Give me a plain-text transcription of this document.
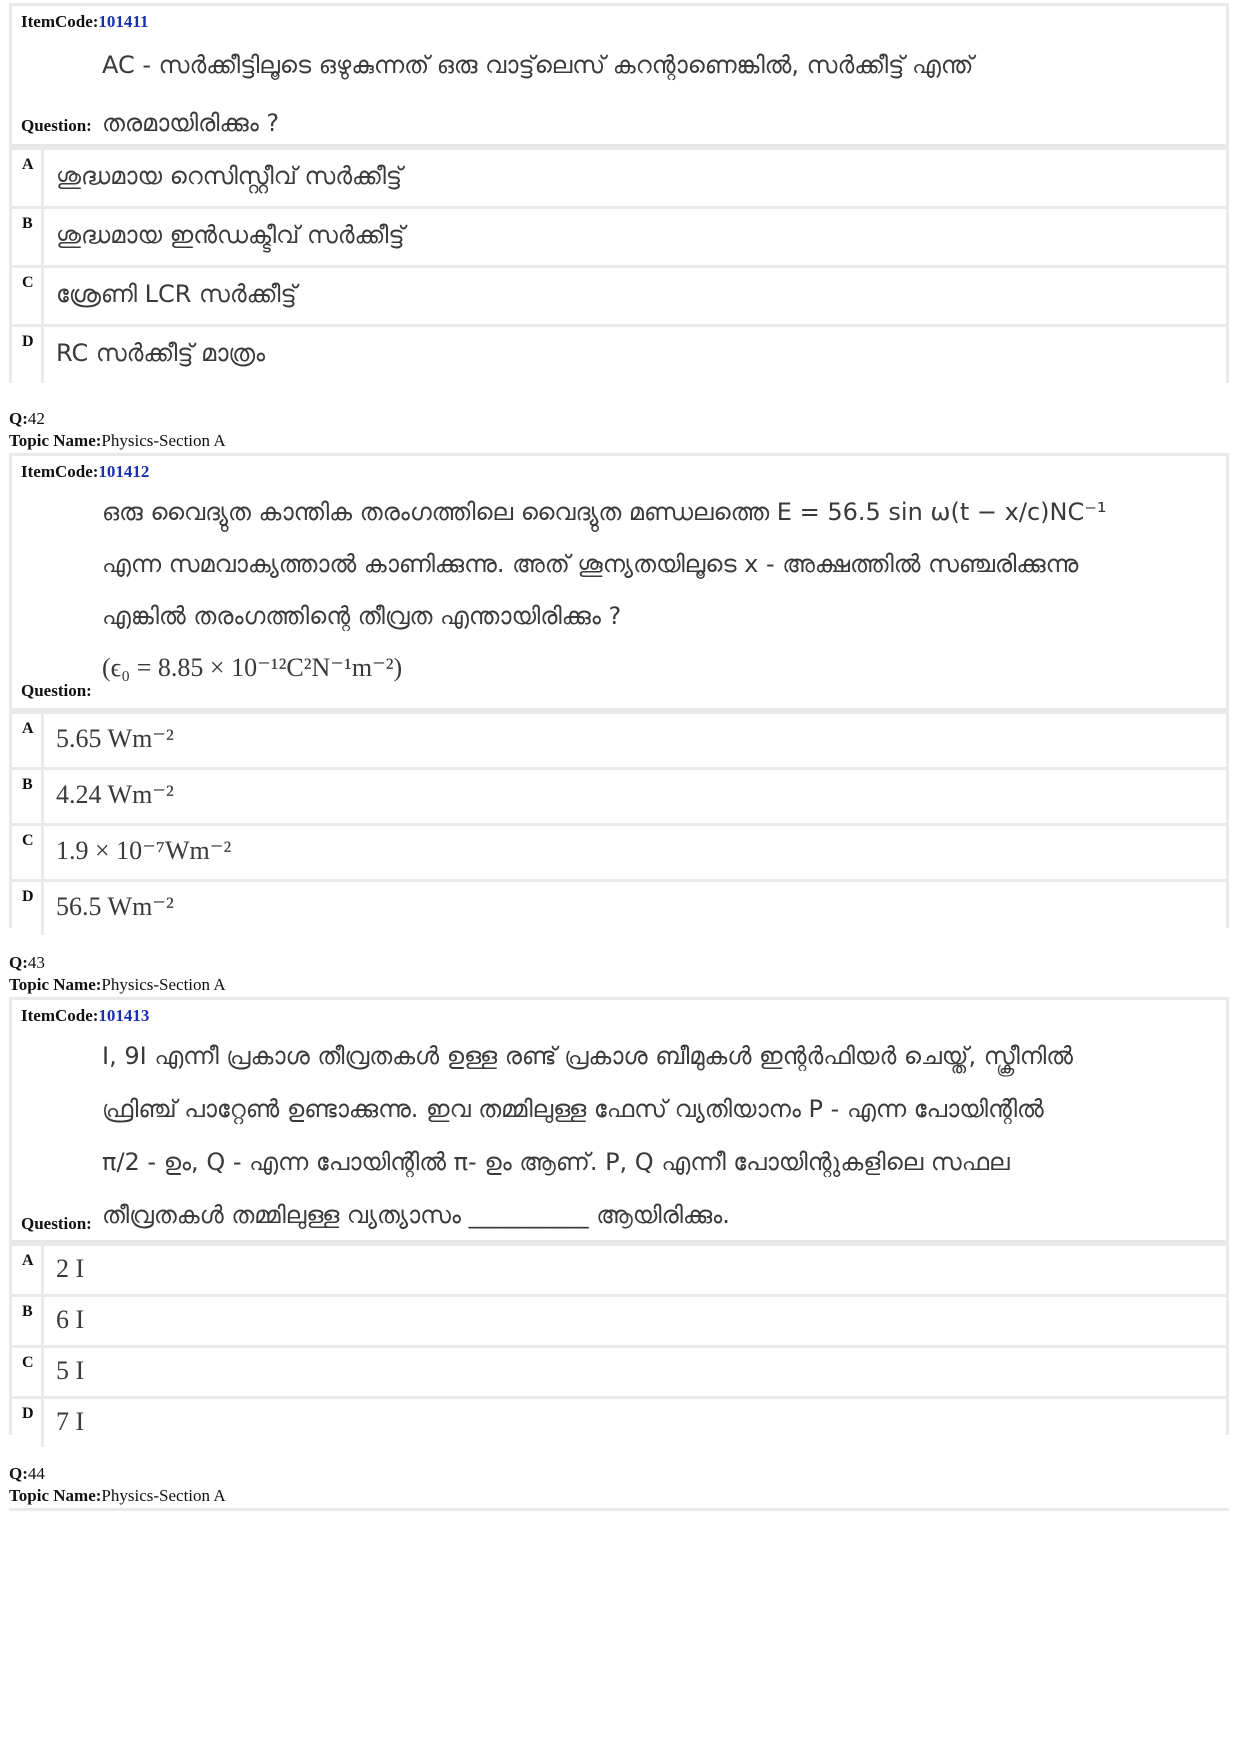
ItemCode:101411
AC - സർക്കീട്ടിലൂടെ ഒഴുകുന്നത് ഒരു വാട്ട്‌ലെസ് കറന്റാണെങ്കിൽ, സർക്കീട്ട് എന്ത്
തരമായിരിക്കും ?
Question:
A ശുദ്ധമായ റെസിസ്റ്റീവ് സർക്കീട്ട്
B ശുദ്ധമായ ഇൻഡക്ടീവ് സർക്കീട്ട്
C ശ്രേണി LCR സർക്കീട്ട്
D RC സർക്കീട്ട് മാത്രം
Q:42
Topic Name:Physics-Section A
ItemCode:101412
ഒരു വൈദ്യുത കാന്തിക തരംഗത്തിലെ വൈദ്യുത മണ്ഡലത്തെ E = 56.5 sin ω(t − x/c)NC⁻¹
എന്ന സമവാക്യത്താൽ കാണിക്കുന്നു. അത് ശൂന്യതയിലൂടെ x - അക്ഷത്തിൽ സഞ്ചരിക്കുന്നു
എങ്കിൽ തരംഗത്തിന്റെ തീവ്രത എന്തായിരിക്കും ?
(ϵ₀ = 8.85 × 10⁻¹²C²N⁻¹m⁻²)
Question:
A 5.65 Wm⁻²
B 4.24 Wm⁻²
C 1.9 × 10⁻⁷Wm⁻²
D 56.5 Wm⁻²
Q:43
Topic Name:Physics-Section A
ItemCode:101413
I, 9I എന്നീ പ്രകാശ തീവ്രതകൾ ഉള്ള രണ്ട് പ്രകാശ ബീമുകൾ ഇന്റർഫിയർ ചെയ്ത്, സ്ക്രീനിൽ
ഫ്രിഞ്ച് പാറ്റേൺ ഉണ്ടാക്കുന്നു. ഇവ തമ്മിലുള്ള ഫേസ് വ്യതിയാനം P - എന്ന പോയിന്റിൽ
π/2 - ഉം, Q - എന്ന പോയിന്റിൽ π- ഉം ആണ്. P, Q എന്നീ പോയിന്റുകളിലെ സഫല
തീവ്രതകൾ തമ്മിലുള്ള വ്യത്യാസം __________ ആയിരിക്കും.
Question:
A 2 I
B 6 I
C 5 I
D 7 I
Q:44
Topic Name:Physics-Section A
